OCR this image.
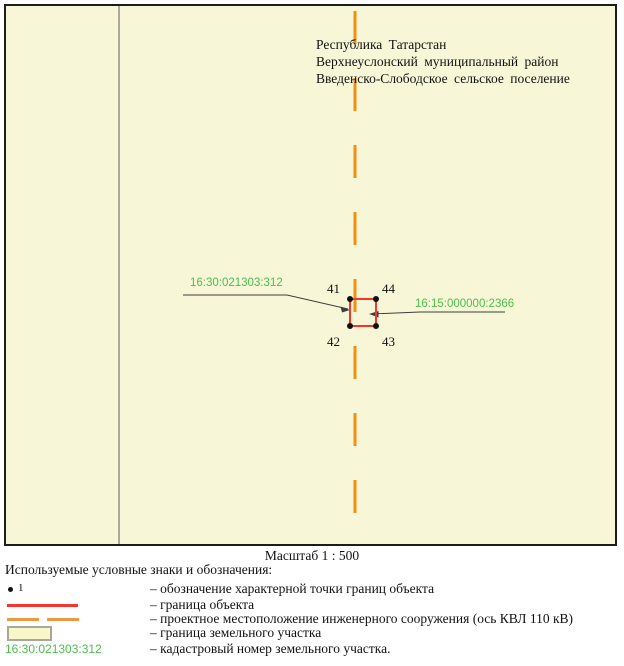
41	44
42	43
16:30:021303:312
16:15:000000:2366
Республика Татарстан
Верхнеуслонский муниципальный район
Введенско-Слободское сельское поселение
Масштаб 1 : 500
Используемые условные знаки и обозначения:
1	– обозначение характерной точки границ объекта
– граница объекта
– проектное местоположение инженерного сооружения (ось КВЛ 110 кВ)
– граница земельного участка
16:30:021303:312	– кадастровый номер земельного участка.
